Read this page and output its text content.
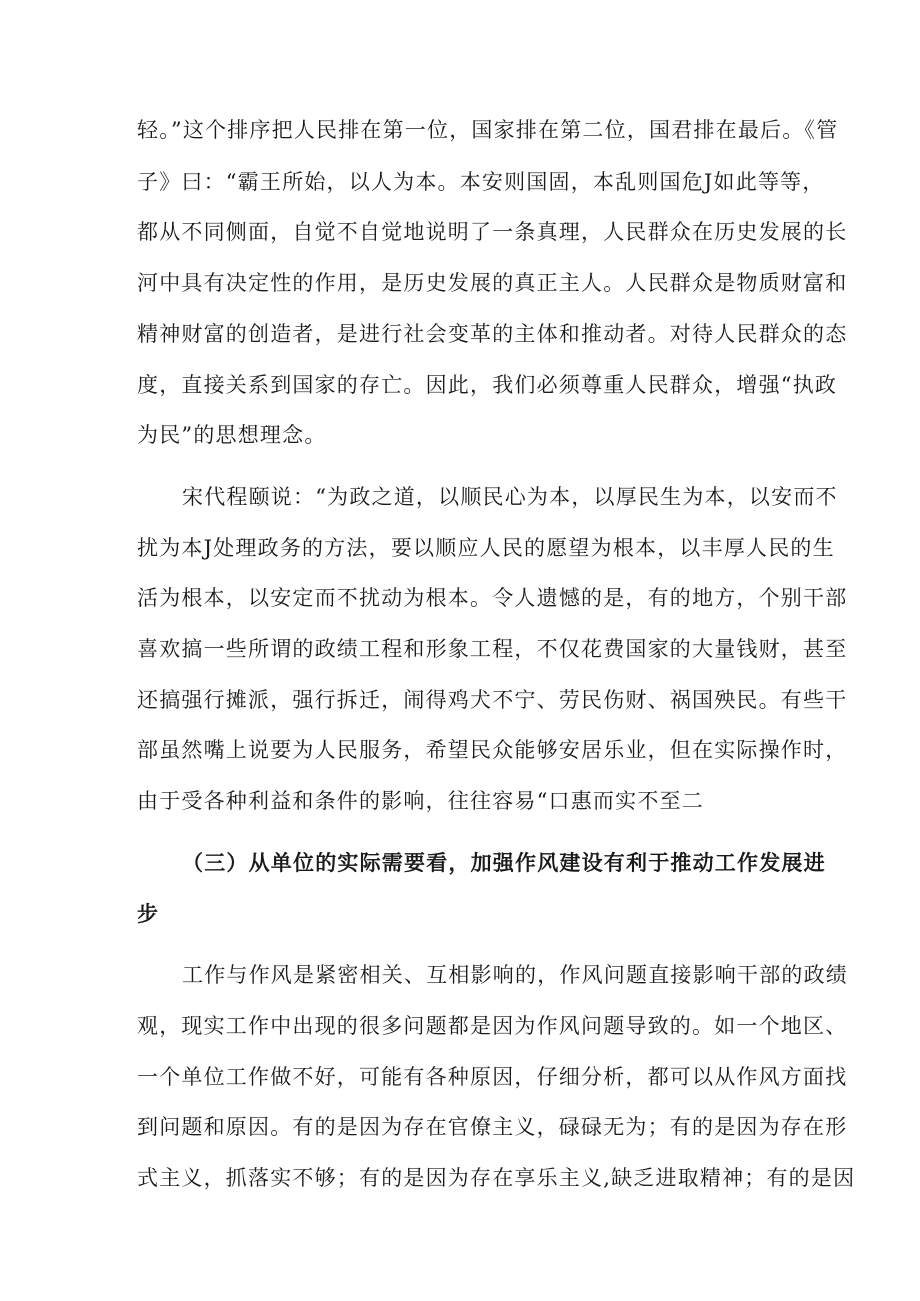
轻。”这个排序把人民排在第一位，国家排在第二位，国君排在最后。《管
子》曰：“霸王所始，以人为本。本安则国固，本乱则国危J如此等等，
都从不同侧面，自觉不自觉地说明了一条真理，人民群众在历史发展的长
河中具有决定性的作用，是历史发展的真正主人。人民群众是物质财富和
精神财富的创造者，是进行社会变革的主体和推动者。对待人民群众的态
度，直接关系到国家的存亡。因此，我们必须尊重人民群众，增强“执政
为民”的思想理念。
宋代程颐说：“为政之道，以顺民心为本，以厚民生为本，以安而不
扰为本J处理政务的方法，要以顺应人民的愿望为根本，以丰厚人民的生
活为根本，以安定而不扰动为根本。令人遗憾的是，有的地方，个别干部
喜欢搞一些所谓的政绩工程和形象工程，不仅花费国家的大量钱财，甚至
还搞强行摊派，强行拆迁，闹得鸡犬不宁、劳民伤财、祸国殃民。有些干
部虽然嘴上说要为人民服务，希望民众能够安居乐业，但在实际操作时，
由于受各种利益和条件的影响，往往容易“口惠而实不至二
（三）从单位的实际需要看，加强作风建设有利于推动工作发展进
步
工作与作风是紧密相关、互相影响的，作风问题直接影响干部的政绩
观，现实工作中出现的很多问题都是因为作风问题导致的。如一个地区、
一个单位工作做不好，可能有各种原因，仔细分析，都可以从作风方面找
到问题和原因。有的是因为存在官僚主义，碌碌无为；有的是因为存在形
式主义，抓落实不够；有的是因为存在享乐主义,缺乏进取精神；有的是因
